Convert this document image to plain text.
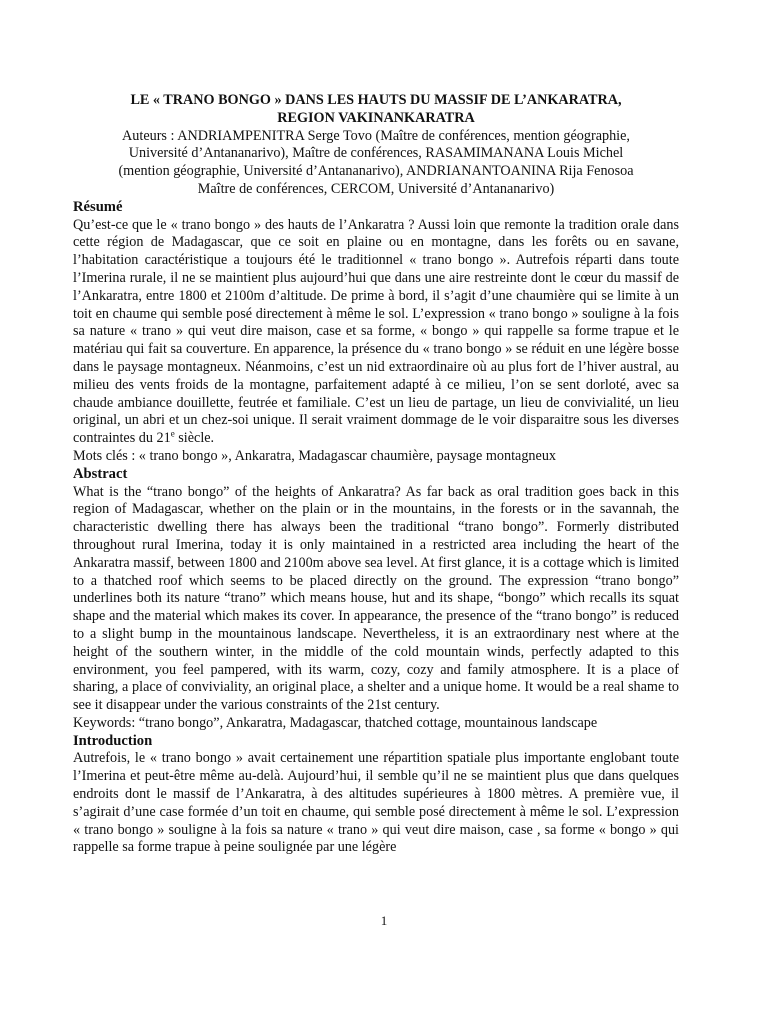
LE « TRANO BONGO » DANS LES HAUTS DU MASSIF DE L’ANKARATRA,
REGION VAKINANKARATRA

Auteurs : ANDRIAMPENITRA Serge Tovo (Maître de conférences, mention géographie,
Université d’Antananarivo), Maître de conférences, RASAMIMANANA Louis Michel
(mention géographie, Université d’Antananarivo), ANDRIANANTOANINA Rija Fenosoa
Maître de conférences, CERCOM, Université d’Antananarivo)

Résumé

Qu’est-ce que le « trano bongo » des hauts de l’Ankaratra ? Aussi loin que remonte la tradition orale dans cette région de Madagascar, que ce soit en plaine ou en montagne, dans les forêts ou en savane, l’habitation caractéristique a toujours été le traditionnel « trano bongo ». Autrefois réparti dans toute l’Imerina rurale, il ne se maintient plus aujourd’hui que dans une aire restreinte dont le cœur du massif de l’Ankaratra, entre 1800 et 2100m d’altitude. De prime à bord, il s’agit d’une chaumière qui se limite à un toit en chaume qui semble posé directement à même le sol. L’expression « trano bongo » souligne à la fois sa nature « trano » qui veut dire maison, case et sa forme, « bongo » qui rappelle sa forme trapue et le matériau qui fait sa couverture. En apparence, la présence du « trano bongo » se réduit en une légère bosse dans le paysage montagneux. Néanmoins, c’est un nid extraordinaire où au plus fort de l’hiver austral, au milieu des vents froids de la montagne, parfaitement adapté à ce milieu, l’on se sent dorloté, avec sa chaude ambiance douillette, feutrée et familiale. C’est un lieu de partage, un lieu de convivialité, un lieu original, un abri et un chez-soi unique. Il serait vraiment dommage de le voir disparaitre sous les diverses contraintes du 21e siècle.

Mots clés : « trano bongo », Ankaratra, Madagascar chaumière, paysage montagneux

Abstract

What is the “trano bongo” of the heights of Ankaratra? As far back as oral tradition goes back in this region of Madagascar, whether on the plain or in the mountains, in the forests or in the savannah, the characteristic dwelling there has always been the traditional “trano bongo”. Formerly distributed throughout rural Imerina, today it is only maintained in a restricted area including the heart of the Ankaratra massif, between 1800 and 2100m above sea level. At first glance, it is a cottage which is limited to a thatched roof which seems to be placed directly on the ground. The expression “trano bongo” underlines both its nature “trano” which means house, hut and its shape, “bongo” which recalls its squat shape and the material which makes its cover. In appearance, the presence of the “trano bongo” is reduced to a slight bump in the mountainous landscape. Nevertheless, it is an extraordinary nest where at the height of the southern winter, in the middle of the cold mountain winds, perfectly adapted to this environment, you feel pampered, with its warm, cozy, cozy and family atmosphere. It is a place of sharing, a place of conviviality, an original place, a shelter and a unique home. It would be a real shame to see it disappear under the various constraints of the 21st century.

Keywords: “trano bongo”, Ankaratra, Madagascar, thatched cottage, mountainous landscape

Introduction

Autrefois, le « trano bongo » avait certainement une répartition spatiale plus importante englobant toute l’Imerina et peut-être même au-delà. Aujourd’hui, il semble qu’il ne se maintient plus que dans quelques endroits dont le massif de l’Ankaratra, à des altitudes supérieures à 1800 mètres. A première vue, il s’agirait d’une case formée d’un toit en chaume, qui semble posé directement à même le sol. L’expression « trano bongo » souligne à la fois sa nature « trano » qui veut dire maison, case , sa forme « bongo » qui rappelle sa forme trapue à peine soulignée par une légère

1
